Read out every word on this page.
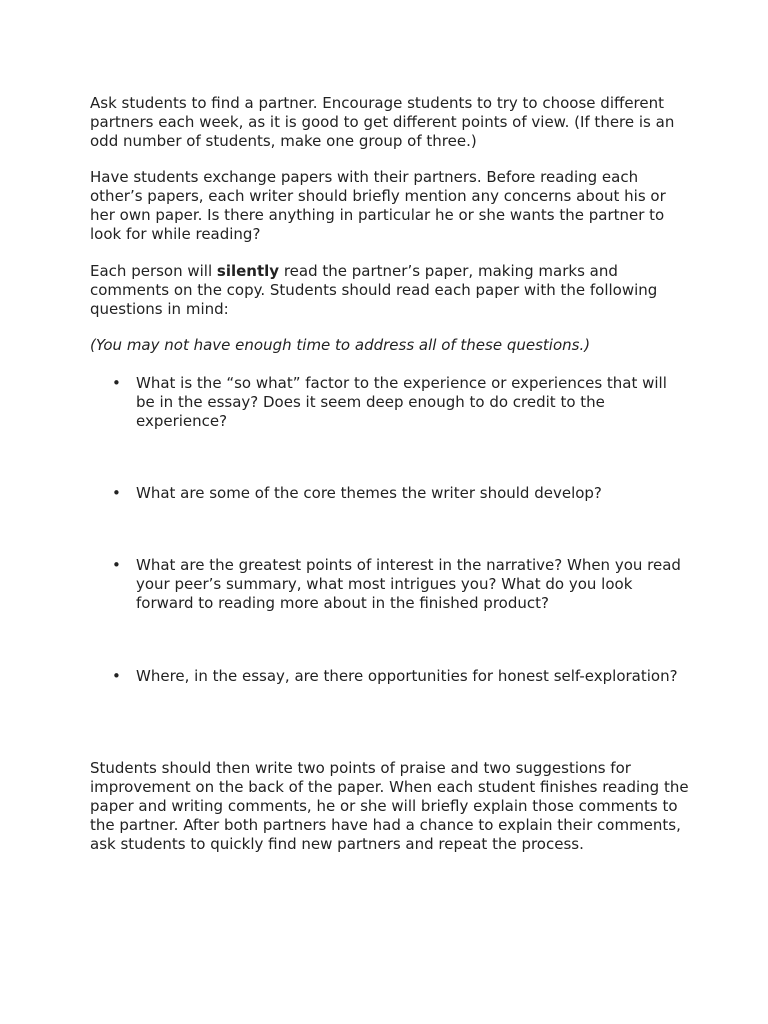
Ask students to find a partner. Encourage students to try to choose different partners each week, as it is good to get different points of view. (If there is an odd number of students, make one group of three.)

Have students exchange papers with their partners. Before reading each other’s papers, each writer should briefly mention any concerns about his or her own paper. Is there anything in particular he or she wants the partner to look for while reading?

Each person will silently read the partner’s paper, making marks and comments on the copy. Students should read each paper with the following questions in mind:

(You may not have enough time to address all of these questions.)

• What is the “so what” factor to the experience or experiences that will be in the essay? Does it seem deep enough to do credit to the experience?
• What are some of the core themes the writer should develop?
• What are the greatest points of interest in the narrative? When you read your peer’s summary, what most intrigues you? What do you look forward to reading more about in the finished product?
• Where, in the essay, are there opportunities for honest self-exploration?

Students should then write two points of praise and two suggestions for improvement on the back of the paper. When each student finishes reading the paper and writing comments, he or she will briefly explain those comments to the partner. After both partners have had a chance to explain their comments, ask students to quickly find new partners and repeat the process.
